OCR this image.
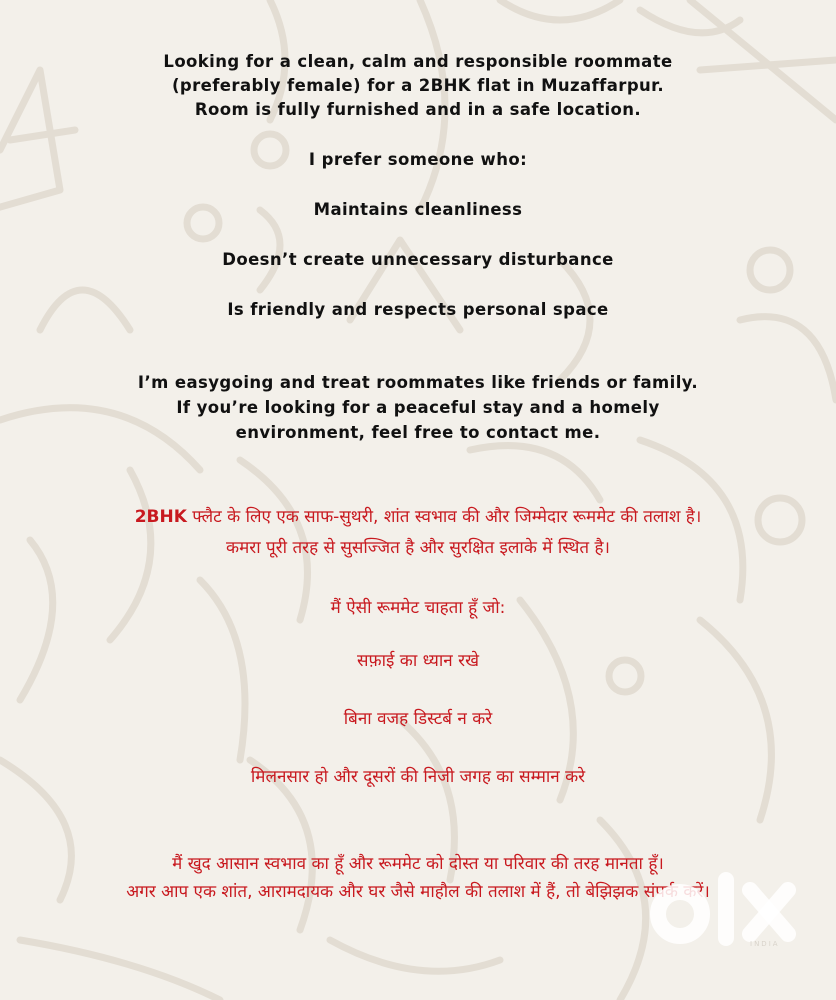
Looking for a clean, calm and responsible roommate

(preferably female) for a 2BHK flat in Muzaffarpur.

Room is fully furnished and in a safe location.

I prefer someone who:

Maintains cleanliness

Doesn’t create unnecessary disturbance

Is friendly and respects personal space

I’m easygoing and treat roommates like friends or family.

If you’re looking for a peaceful stay and a homely

environment, feel free to contact me.

2BHK फ्लैट के लिए एक साफ-सुथरी, शांत स्वभाव की और जिम्मेदार रूममेट की तलाश है।

कमरा पूरी तरह से सुसज्जित है और सुरक्षित इलाके में स्थित है।

मैं ऐसी रूममेट चाहता हूँ जो:

सफ़ाई का ध्यान रखे

बिना वजह डिस्टर्ब न करे

मिलनसार हो और दूसरों की निजी जगह का सम्मान करे

मैं खुद आसान स्वभाव का हूँ और रूममेट को दोस्त या परिवार की तरह मानता हूँ।

अगर आप एक शांत, आरामदायक और घर जैसे माहौल की तलाश में हैं, तो बेझिझक संपर्क करें।

INDIA
